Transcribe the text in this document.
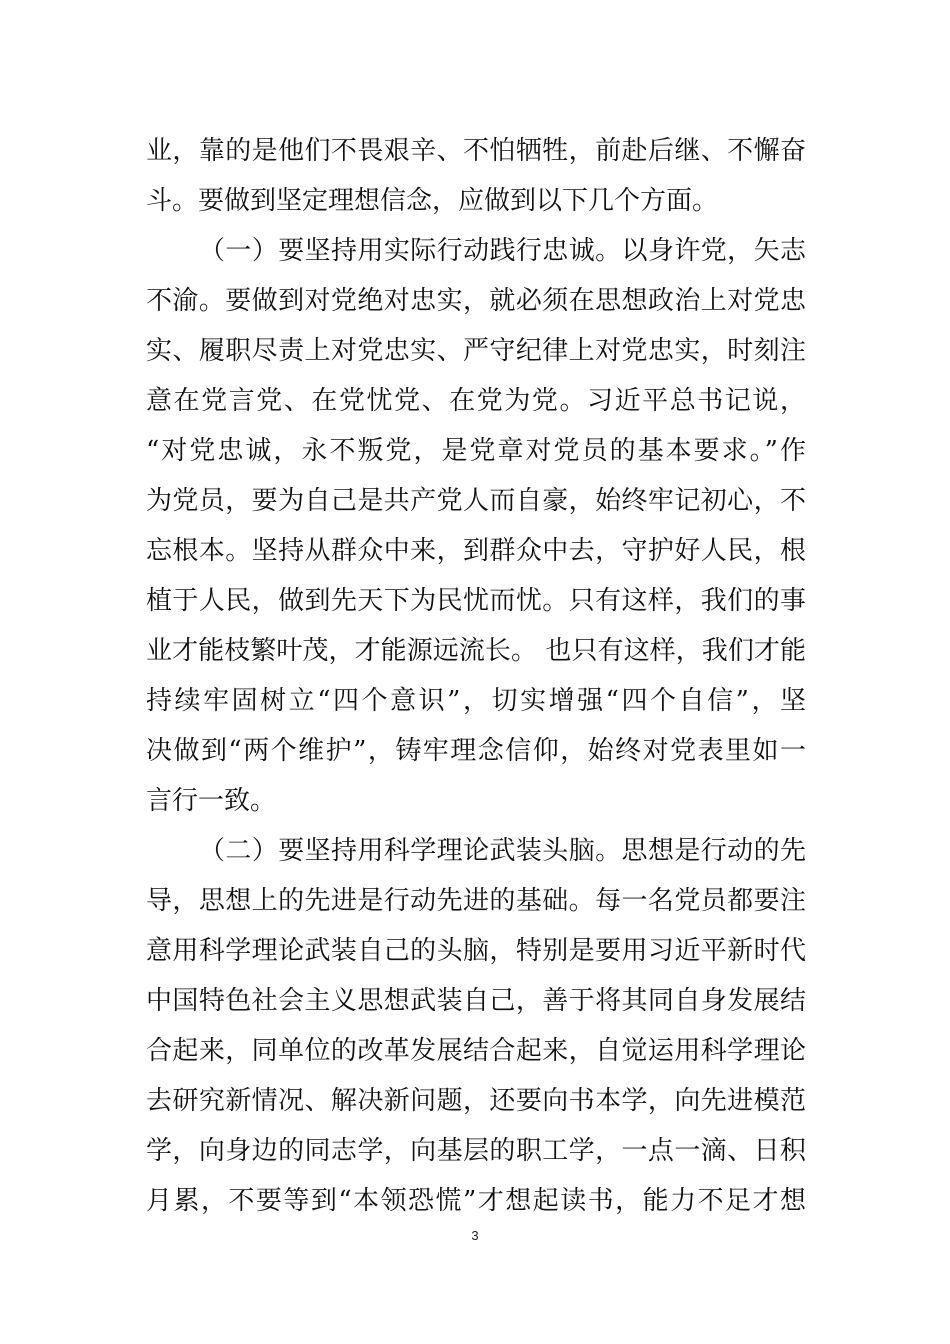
业，靠的是他们不畏艰辛、不怕牺牲，前赴后继、不懈奋
斗。要做到坚定理想信念，应做到以下几个方面。
（一）要坚持用实际行动践行忠诚。以身许党，矢志
不渝。要做到对党绝对忠实，就必须在思想政治上对党忠
实、履职尽责上对党忠实、严守纪律上对党忠实，时刻注
意在党言党、在党忧党、在党为党。习近平总书记说，
“对党忠诚，永不叛党，是党章对党员的基本要求。”作
为党员，要为自己是共产党人而自豪，始终牢记初心，不
忘根本。坚持从群众中来，到群众中去，守护好人民，根
植于人民，做到先天下为民忧而忧。只有这样，我们的事
业才能枝繁叶茂，才能源远流长。 也只有这样，我们才能
持续牢固树立“四个意识”，切实增强“四个自信”，坚
决做到“两个维护”，铸牢理念信仰，始终对党表里如一
言行一致。
（二）要坚持用科学理论武装头脑。思想是行动的先
导，思想上的先进是行动先进的基础。每一名党员都要注
意用科学理论武装自己的头脑，特别是要用习近平新时代
中国特色社会主义思想武装自己，善于将其同自身发展结
合起来，同单位的改革发展结合起来，自觉运用科学理论
去研究新情况、解决新问题，还要向书本学，向先进模范
学，向身边的同志学，向基层的职工学，一点一滴、日积
月累，不要等到“本领恐慌”才想起读书，能力不足才想
3
